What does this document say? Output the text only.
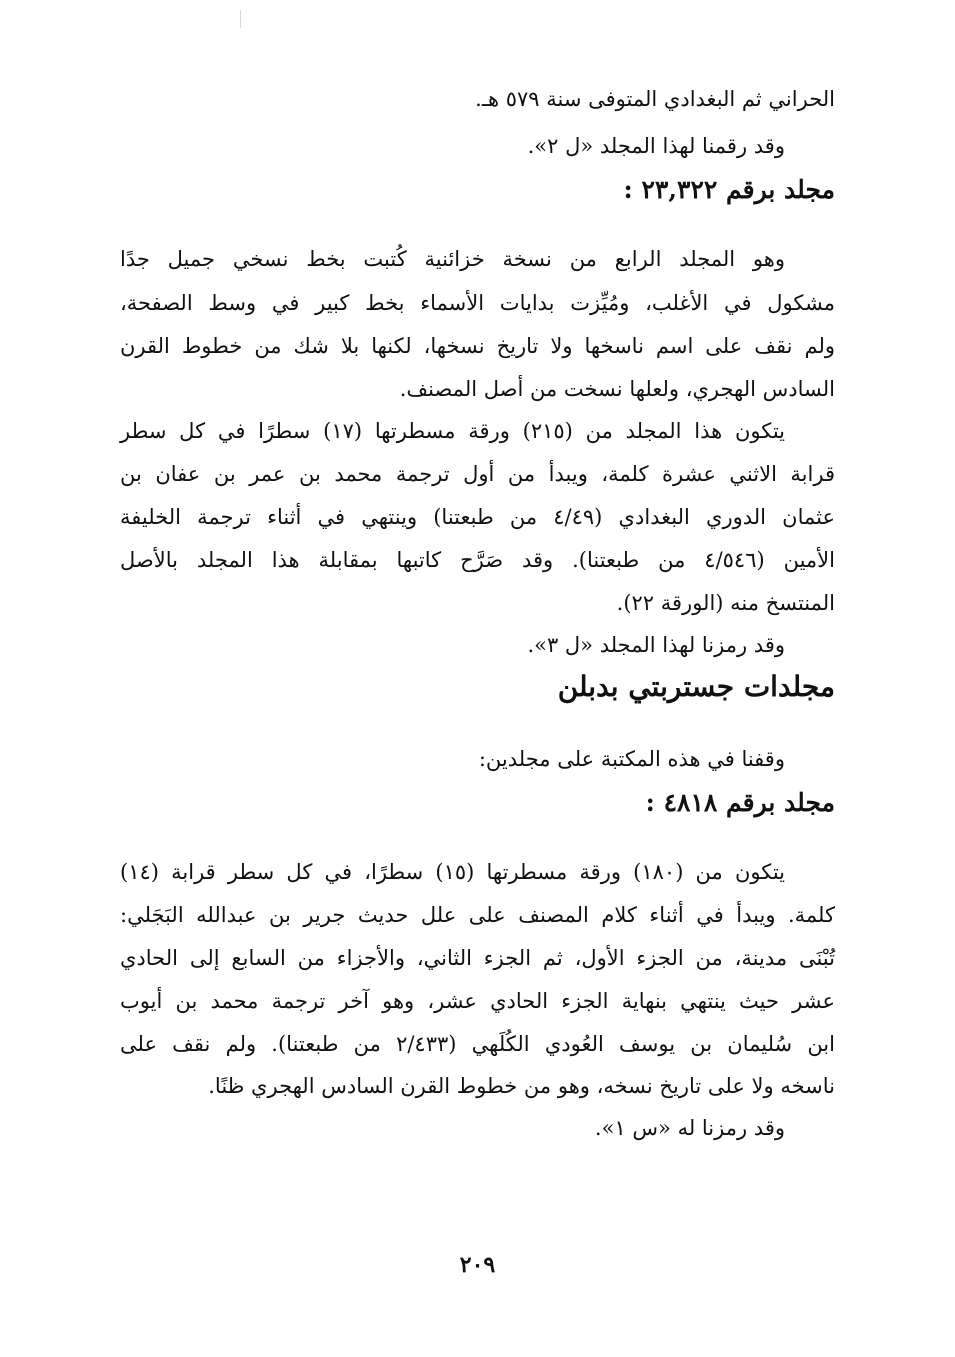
الحراني ثم البغدادي المتوفى سنة ٥٧٩ هـ.
وقد رقمنا لهذا المجلد «ل ٢».
مجلد برقم ٢٣,٣٢٢ :
وهو المجلد الرابع من نسخة خزائنية كُتبت بخط نسخي جميل جدًا
مشكول في الأغلب، ومُيِّزت بدايات الأسماء بخط كبير في وسط الصفحة،
ولم نقف على اسم ناسخها ولا تاريخ نسخها، لكنها بلا شك من خطوط القرن
السادس الهجري، ولعلها نسخت من أصل المصنف.
يتكون هذا المجلد من (٢١٥) ورقة مسطرتها (١٧) سطرًا في كل سطر
قرابة الاثني عشرة كلمة، ويبدأ من أول ترجمة محمد بن عمر بن عفان بن
عثمان الدوري البغدادي (٤/٤٩ من طبعتنا) وينتهي في أثناء ترجمة الخليفة
الأمين (٤/٥٤٦ من طبعتنا). وقد صَرَّح كاتبها بمقابلة هذا المجلد بالأصل
المنتسخ منه (الورقة ٢٢).
وقد رمزنا لهذا المجلد «ل ٣».
مجلدات جستربتي بدبلن
وقفنا في هذه المكتبة على مجلدين:
مجلد برقم ٤٨١٨ :
يتكون من (١٨٠) ورقة مسطرتها (١٥) سطرًا، في كل سطر قرابة (١٤)
كلمة. ويبدأ في أثناء كلام المصنف على علل حديث جرير بن عبدالله البَجَلي:
تُبْنَى مدينة، من الجزء الأول، ثم الجزء الثاني، والأجزاء من السابع إلى الحادي
عشر حيث ينتهي بنهاية الجزء الحادي عشر، وهو آخر ترجمة محمد بن أيوب
ابن سُليمان بن يوسف العُودي الكُلَهي (٢/٤٣٣ من طبعتنا). ولم نقف على
ناسخه ولا على تاريخ نسخه، وهو من خطوط القرن السادس الهجري ظنًا.
وقد رمزنا له «س ١».
٢٠٩
